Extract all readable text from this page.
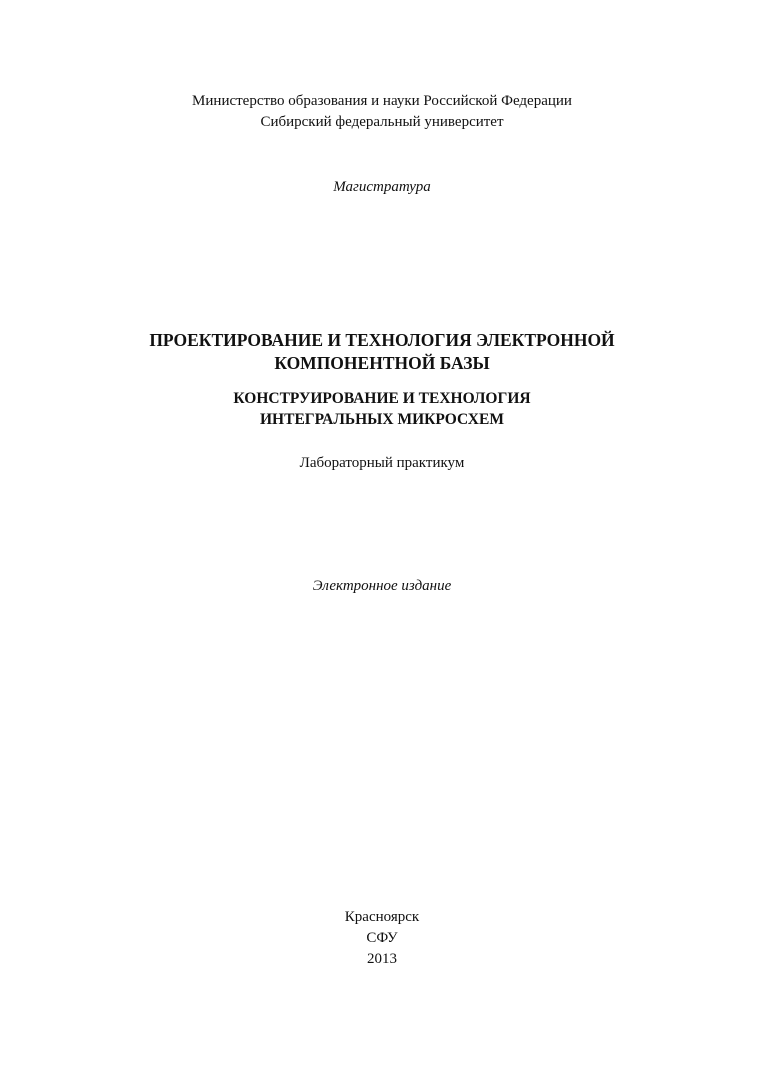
Министерство образования и науки Российской Федерации

Сибирский федеральный университет

Магистратура

ПРОЕКТИРОВАНИЕ И ТЕХНОЛОГИЯ ЭЛЕКТРОННОЙ

КОМПОНЕНТНОЙ БАЗЫ

КОНСТРУИРОВАНИЕ И ТЕХНОЛОГИЯ

ИНТЕГРАЛЬНЫХ МИКРОСХЕМ

Лабораторный практикум

Электронное издание

Красноярск

СФУ

2013
